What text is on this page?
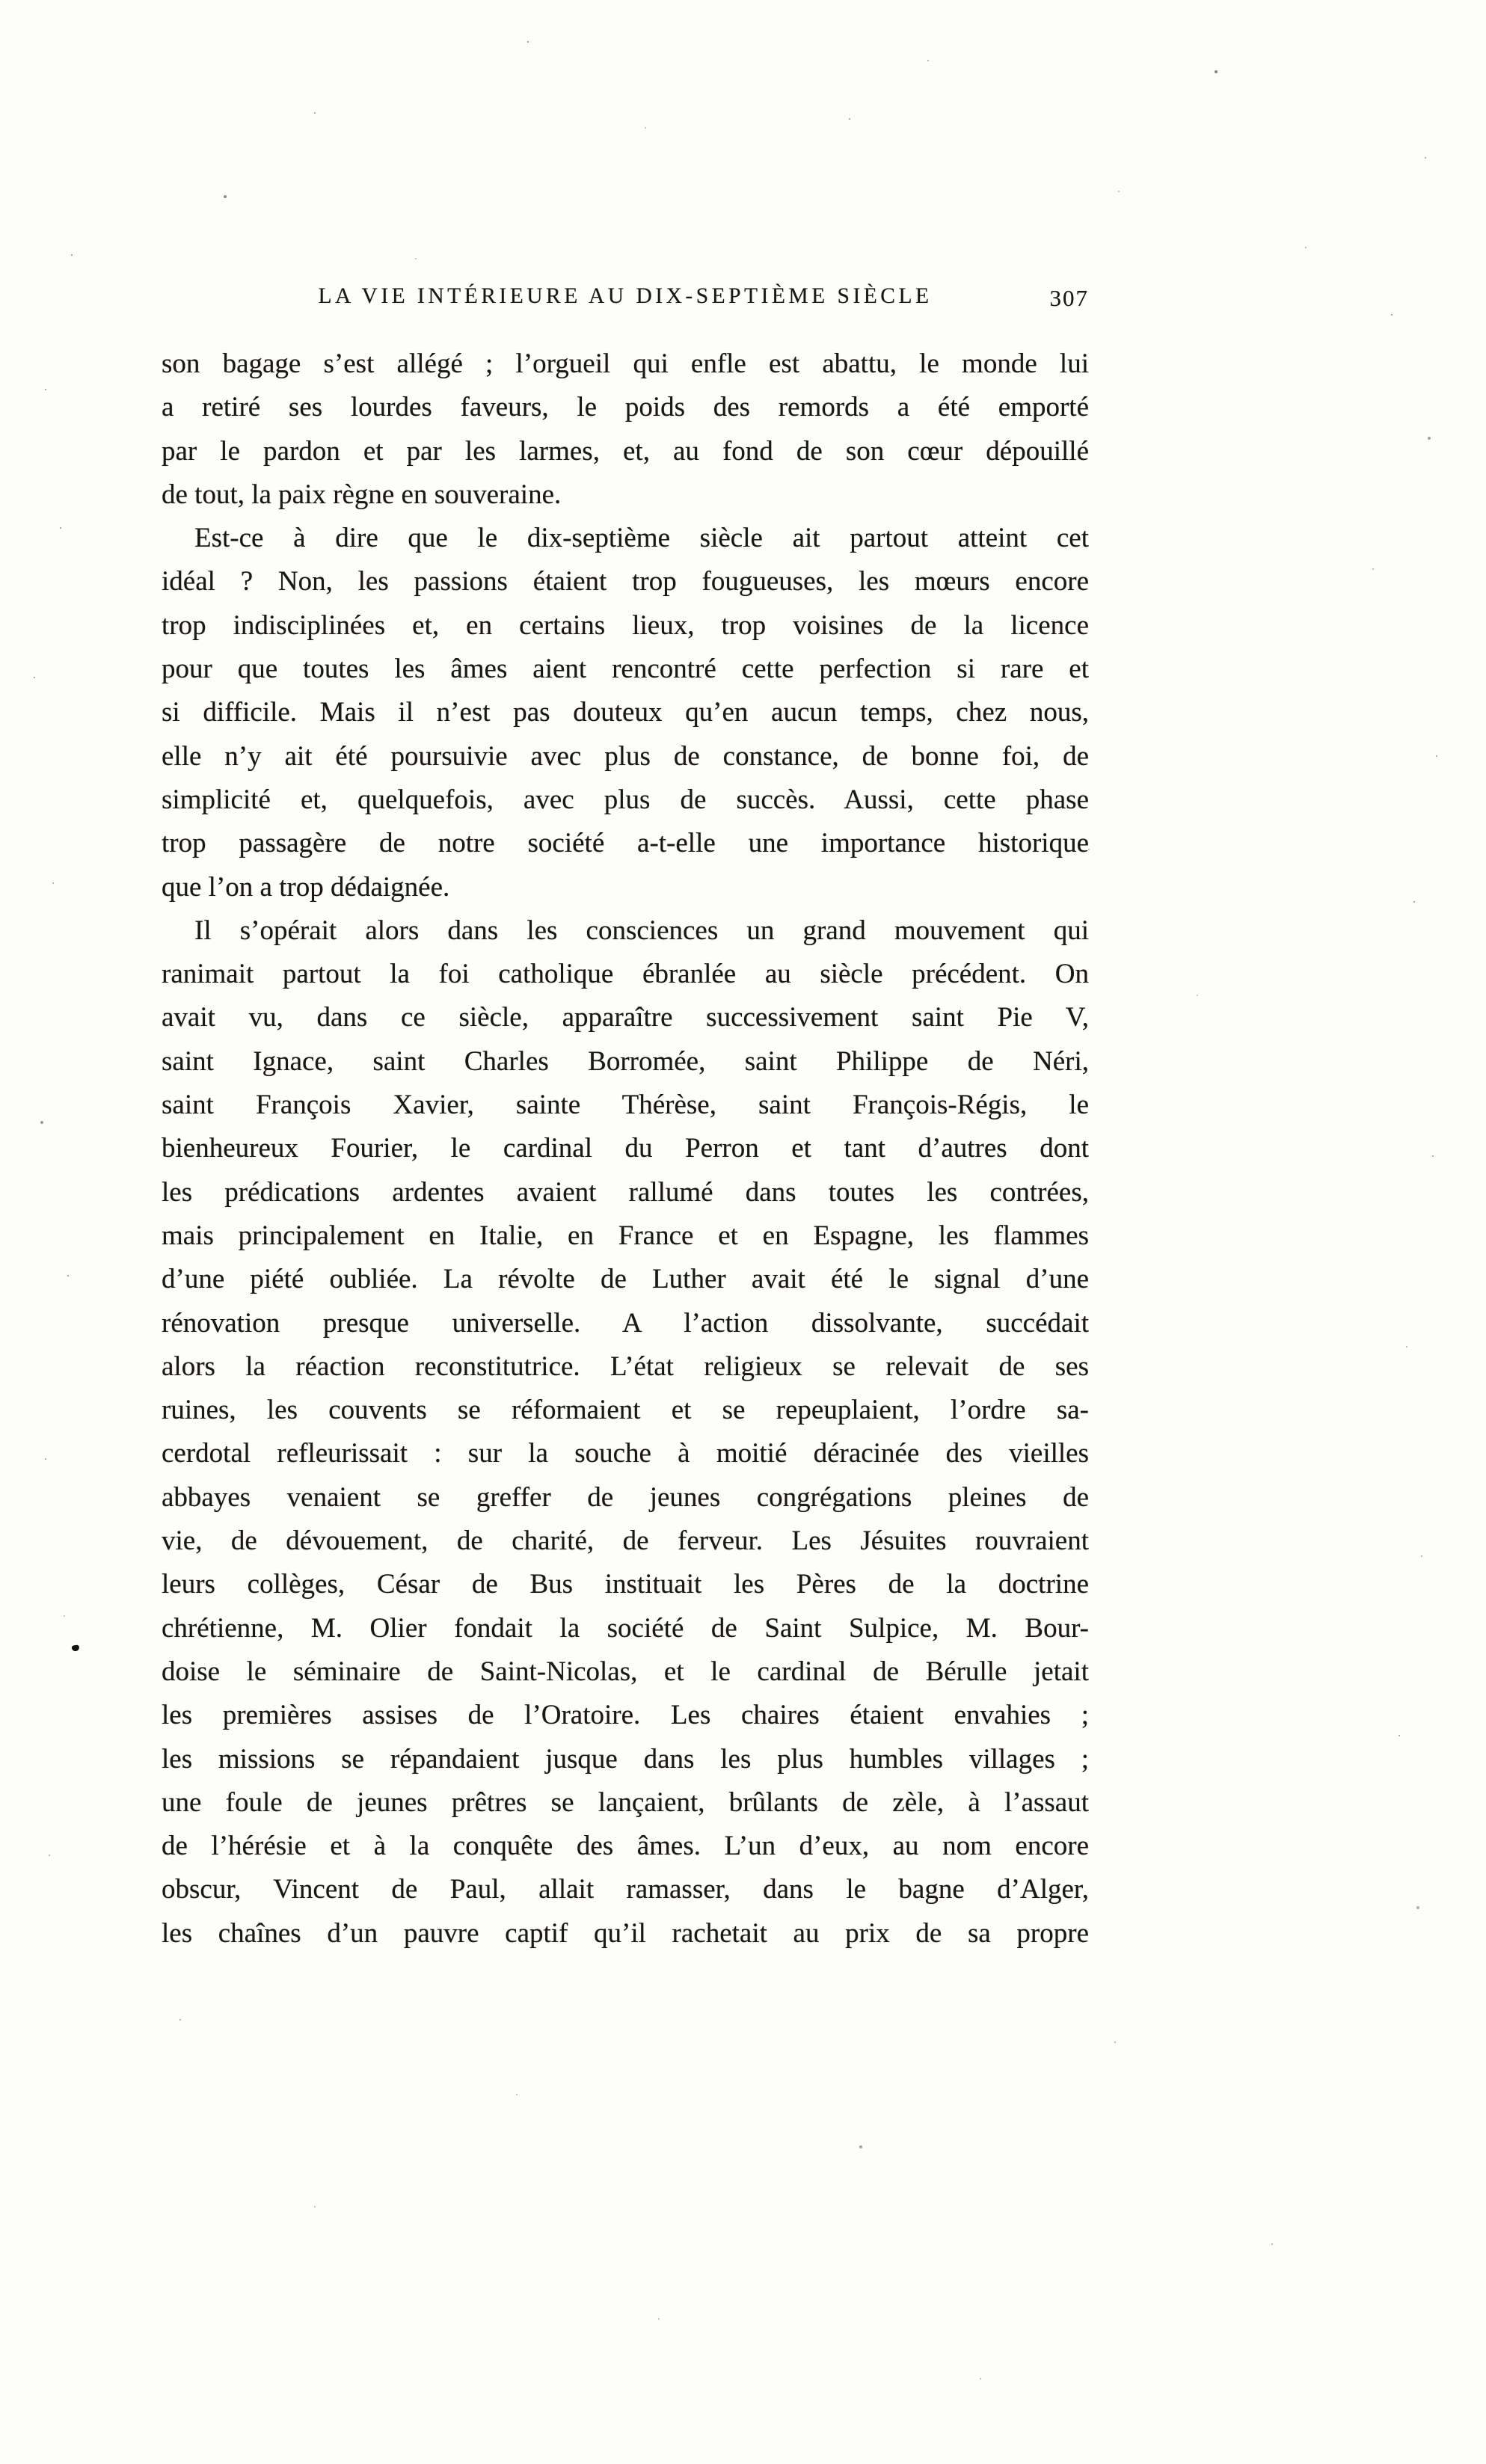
LA VIE INTÉRIEURE AU DIX-SEPTIÈME SIÈCLE	307
son bagage s’est allégé ; l’orgueil qui enfle est abattu, le monde lui
a retiré ses lourdes faveurs, le poids des remords a été emporté
par le pardon et par les larmes, et, au fond de son cœur dépouillé
de tout, la paix règne en souveraine.
Est-ce à dire que le dix-septième siècle ait partout atteint cet
idéal ? Non, les passions étaient trop fougueuses, les mœurs encore
trop indisciplinées et, en certains lieux, trop voisines de la licence
pour que toutes les âmes aient rencontré cette perfection si rare et
si difficile. Mais il n’est pas douteux qu’en aucun temps, chez nous,
elle n’y ait été poursuivie avec plus de constance, de bonne foi, de
simplicité et, quelquefois, avec plus de succès. Aussi, cette phase
trop passagère de notre société a-t-elle une importance historique
que l’on a trop dédaignée.
Il s’opérait alors dans les consciences un grand mouvement qui
ranimait partout la foi catholique ébranlée au siècle précédent. On
avait vu, dans ce siècle, apparaître successivement saint Pie V,
saint Ignace, saint Charles Borromée, saint Philippe de Néri,
saint François Xavier, sainte Thérèse, saint François-Régis, le
bienheureux Fourier, le cardinal du Perron et tant d’autres dont
les prédications ardentes avaient rallumé dans toutes les contrées,
mais principalement en Italie, en France et en Espagne, les flammes
d’une piété oubliée. La révolte de Luther avait été le signal d’une
rénovation presque universelle. A l’action dissolvante, succédait
alors la réaction reconstitutrice. L’état religieux se relevait de ses
ruines, les couvents se réformaient et se repeuplaient, l’ordre sa-
cerdotal refleurissait : sur la souche à moitié déracinée des vieilles
abbayes venaient se greffer de jeunes congrégations pleines de
vie, de dévouement, de charité, de ferveur. Les Jésuites rouvraient
leurs collèges, César de Bus instituait les Pères de la doctrine
chrétienne, M. Olier fondait la société de Saint Sulpice, M. Bour-
doise le séminaire de Saint-Nicolas, et le cardinal de Bérulle jetait
les premières assises de l’Oratoire. Les chaires étaient envahies ;
les missions se répandaient jusque dans les plus humbles villages ;
une foule de jeunes prêtres se lançaient, brûlants de zèle, à l’assaut
de l’hérésie et à la conquête des âmes. L’un d’eux, au nom encore
obscur, Vincent de Paul, allait ramasser, dans le bagne d’Alger,
les chaînes d’un pauvre captif qu’il rachetait au prix de sa propre
